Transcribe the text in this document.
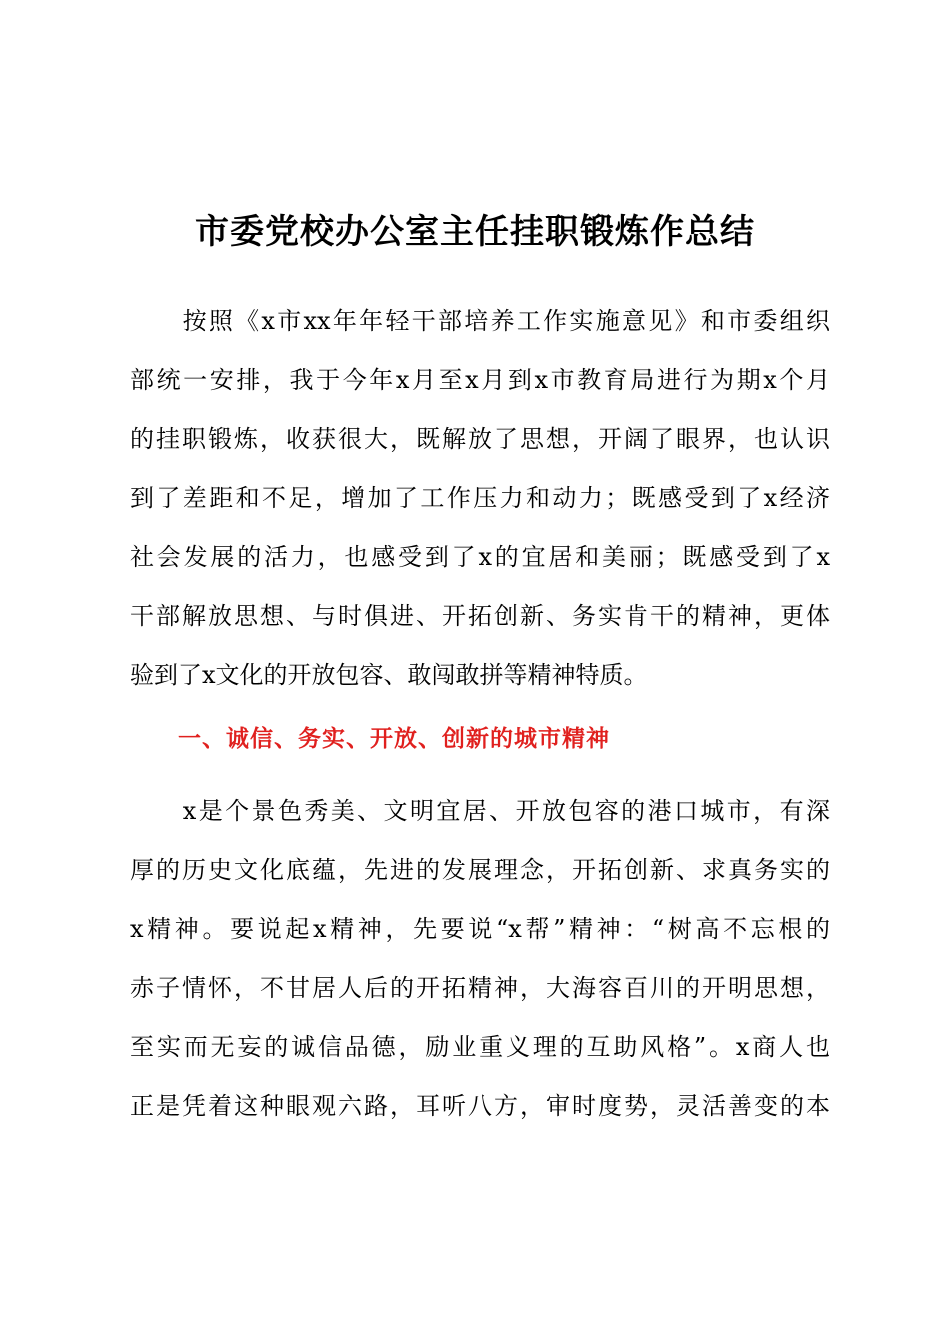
市委党校办公室主任挂职锻炼作总结
　　按照《x市xx年年轻干部培养工作实施意见》和市委组织
部统一安排，我于今年x月至x月到x市教育局进行为期x个月
的挂职锻炼，收获很大，既解放了思想，开阔了眼界，也认识
到了差距和不足，增加了工作压力和动力；既感受到了x经济
社会发展的活力，也感受到了x的宜居和美丽；既感受到了x
干部解放思想、与时俱进、开拓创新、务实肯干的精神，更体
验到了x文化的开放包容、敢闯敢拼等精神特质。
一、诚信、务实、开放、创新的城市精神
　　x是个景色秀美、文明宜居、开放包容的港口城市，有深
厚的历史文化底蕴，先进的发展理念，开拓创新、求真务实的
x精神。要说起x精神，先要说“x帮”精神：“树高不忘根的
赤子情怀，不甘居人后的开拓精神，大海容百川的开明思想，
至实而无妄的诚信品德，励业重义理的互助风格”。x商人也
正是凭着这种眼观六路，耳听八方，审时度势，灵活善变的本
